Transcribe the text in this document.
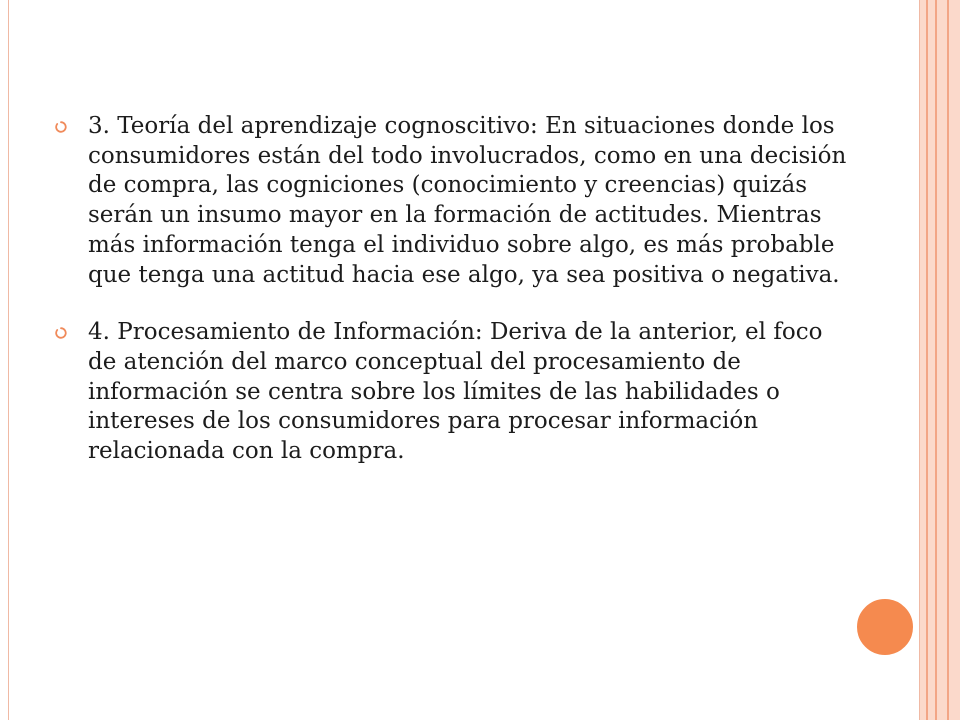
3. Teoría del aprendizaje cognoscitivo: En situaciones donde los consumidores están del todo involucrados, como en una decisión de compra, las cogniciones (conocimiento y creencias) quizás serán un insumo mayor en la formación de actitudes. Mientras más información tenga el individuo sobre algo, es más probable que tenga una actitud hacia ese algo, ya sea positiva o negativa.
4. Procesamiento de Información: Deriva de la anterior, el foco de atención del marco conceptual del procesamiento de información se centra sobre los límites de las habilidades o intereses de los consumidores para procesar información relacionada con la compra.
